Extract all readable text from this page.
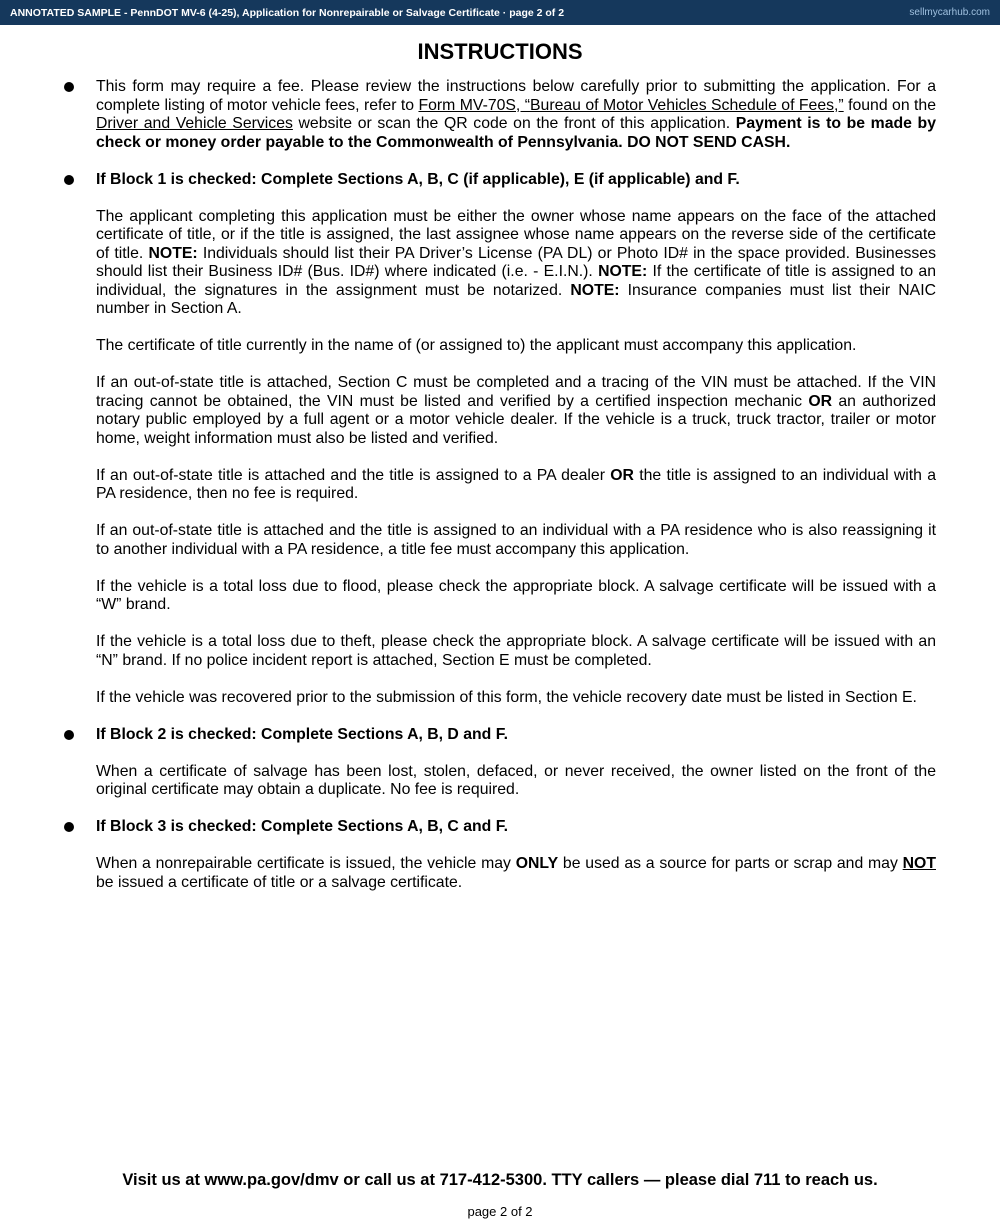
ANNOTATED SAMPLE - PennDOT MV-6 (4-25), Application for Nonrepairable or Salvage Certificate · page 2 of 2	sellmycarhub.com
INSTRUCTIONS

This form may require a fee. Please review the instructions below carefully prior to submitting the application. For a complete listing of motor vehicle fees, refer to Form MV-70S, “Bureau of Motor Vehicles Schedule of Fees,” found on the Driver and Vehicle Services website or scan the QR code on the front of this application. Payment is to be made by check or money order payable to the Commonwealth of Pennsylvania. DO NOT SEND CASH.

If Block 1 is checked: Complete Sections A, B, C (if applicable), E (if applicable) and F.

The applicant completing this application must be either the owner whose name appears on the face of the attached certificate of title, or if the title is assigned, the last assignee whose name appears on the reverse side of the certificate of title. NOTE: Individuals should list their PA Driver’s License (PA DL) or Photo ID# in the space provided. Businesses should list their Business ID# (Bus. ID#) where indicated (i.e. - E.I.N.). NOTE: If the certificate of title is assigned to an individual, the signatures in the assignment must be notarized. NOTE: Insurance companies must list their NAIC number in Section A.

The certificate of title currently in the name of (or assigned to) the applicant must accompany this application.

If an out-of-state title is attached, Section C must be completed and a tracing of the VIN must be attached. If the VIN tracing cannot be obtained, the VIN must be listed and verified by a certified inspection mechanic OR an authorized notary public employed by a full agent or a motor vehicle dealer. If the vehicle is a truck, truck tractor, trailer or motor home, weight information must also be listed and verified.

If an out-of-state title is attached and the title is assigned to a PA dealer OR the title is assigned to an individual with a PA residence, then no fee is required.

If an out-of-state title is attached and the title is assigned to an individual with a PA residence who is also reassigning it to another individual with a PA residence, a title fee must accompany this application.

If the vehicle is a total loss due to flood, please check the appropriate block. A salvage certificate will be issued with a “W” brand.

If the vehicle is a total loss due to theft, please check the appropriate block. A salvage certificate will be issued with an “N” brand. If no police incident report is attached, Section E must be completed.

If the vehicle was recovered prior to the submission of this form, the vehicle recovery date must be listed in Section E.

If Block 2 is checked: Complete Sections A, B, D and F.

When a certificate of salvage has been lost, stolen, defaced, or never received, the owner listed on the front of the original certificate may obtain a duplicate. No fee is required.

If Block 3 is checked: Complete Sections A, B, C and F.

When a nonrepairable certificate is issued, the vehicle may ONLY be used as a source for parts or scrap and may NOT be issued a certificate of title or a salvage certificate.

Visit us at www.pa.gov/dmv or call us at 717-412-5300. TTY callers — please dial 711 to reach us.
page 2 of 2
